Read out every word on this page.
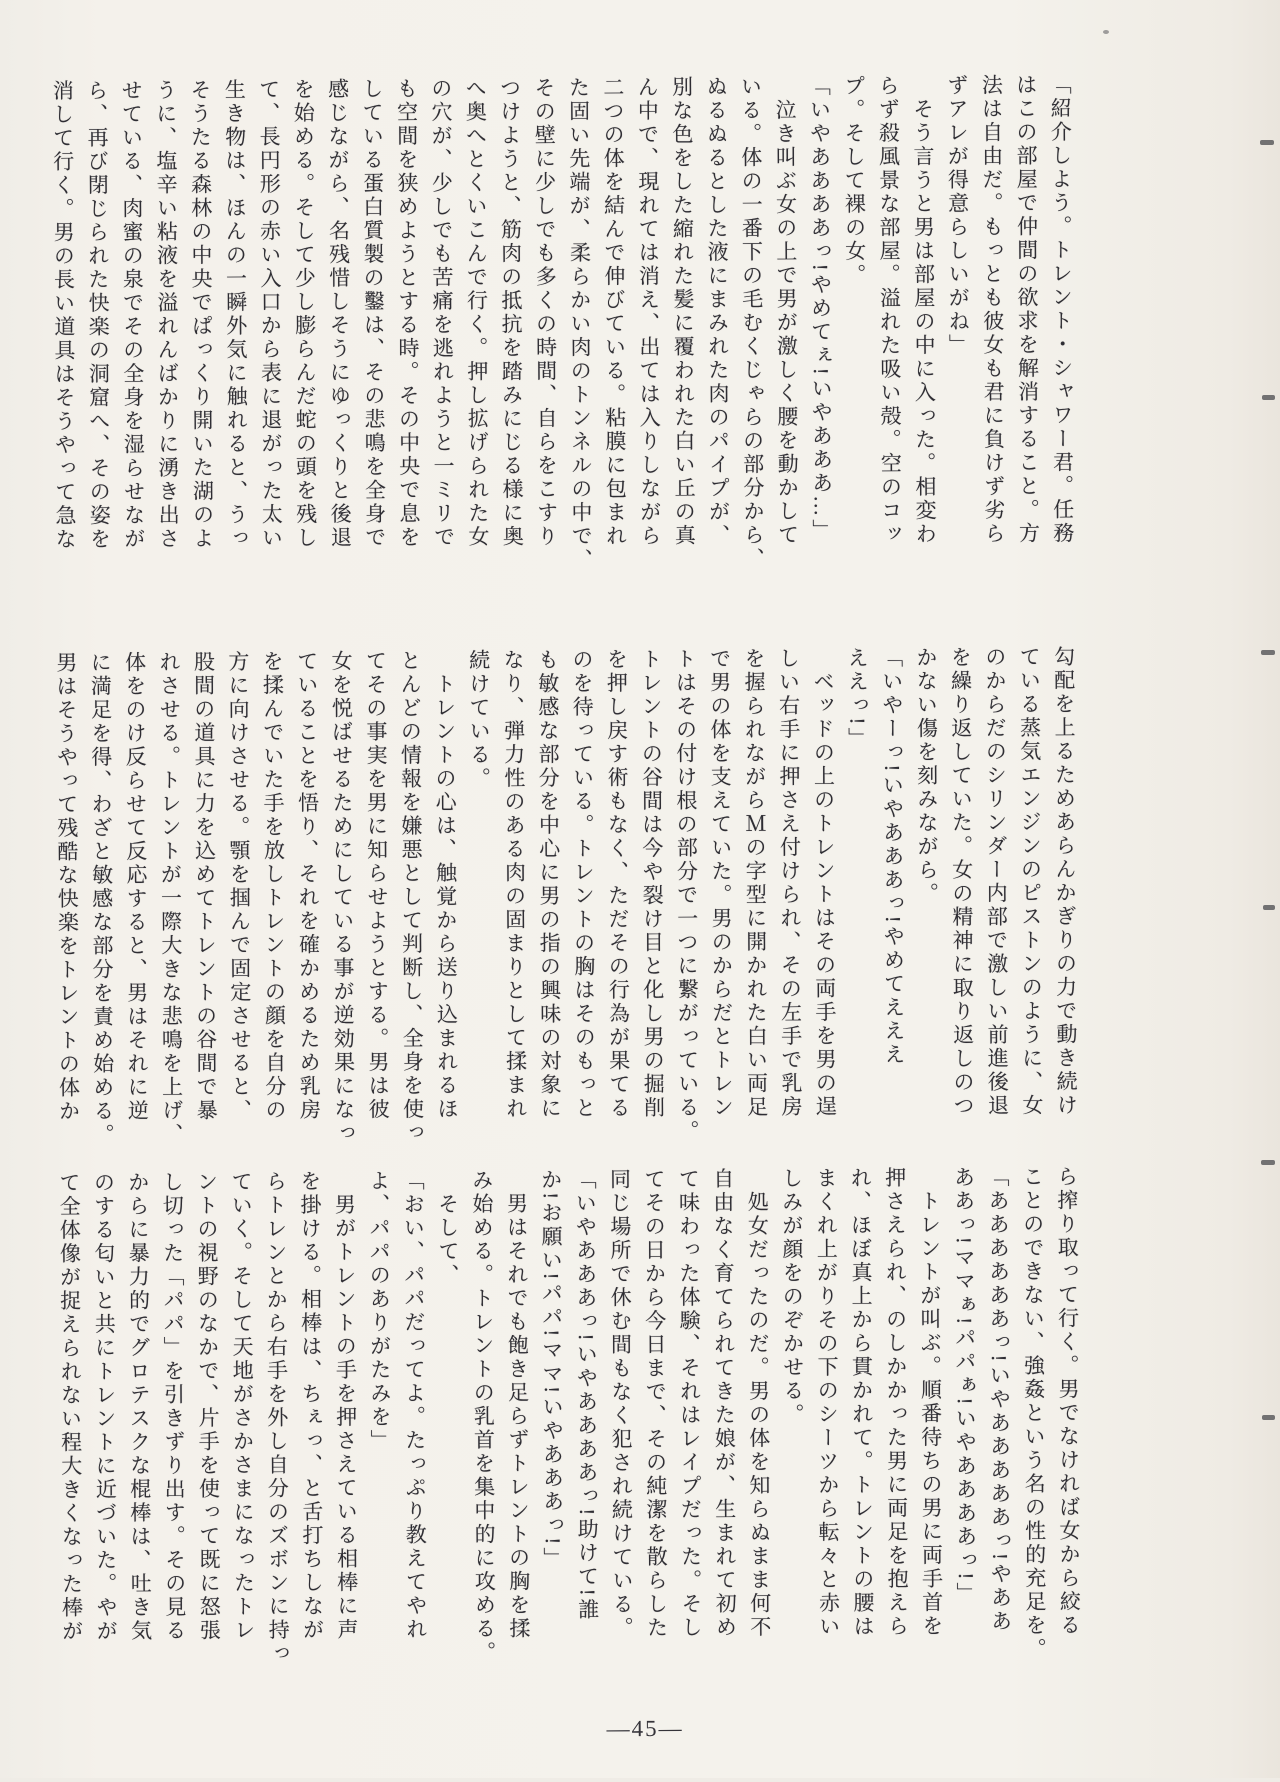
「紹介しよう。トレント・シャワー君。任務

はこの部屋で仲間の欲求を解消すること。方

法は自由だ。もっとも彼女も君に負けず劣ら

ずアレが得意らしいがね」

　そう言うと男は部屋の中に入った。相変わ

らず殺風景な部屋。溢れた吸い殻。空のコッ

プ。そして裸の女。

「いやああああっ!やめてぇ!いやあああ…」

　泣き叫ぶ女の上で男が激しく腰を動かして

いる。体の一番下の毛むくじゃらの部分から、

ぬるぬるとした液にまみれた肉のパイプが、

別な色をした縮れた髪に覆われた白い丘の真

ん中で、現れては消え、出ては入りしながら

二つの体を結んで伸びている。粘膜に包まれ

た固い先端が、柔らかい肉のトンネルの中で、

その壁に少しでも多くの時間、自らをこすり

つけようと、筋肉の抵抗を踏みにじる様に奥

へ奥へとくいこんで行く。押し拡げられた女

の穴が、少しでも苦痛を逃れようと一ミリで

も空間を狭めようとする時。その中央で息を

している蛋白質製の鑿は、その悲鳴を全身で

感じながら、名残惜しそうにゆっくりと後退

を始める。そして少し膨らんだ蛇の頭を残し

て、長円形の赤い入口から表に退がった太い

生き物は、ほんの一瞬外気に触れると、うっ

そうたる森林の中央でぱっくり開いた湖のよ

うに、塩辛い粘液を溢れんばかりに湧き出さ

せている、肉蜜の泉でその全身を湿らせなが

ら、再び閉じられた快楽の洞窟へ、その姿を

消して行く。男の長い道具はそうやって急な

勾配を上るためあらんかぎりの力で動き続け

ている蒸気エンジンのピストンのように、女

のからだのシリンダー内部で激しい前進後退

を繰り返していた。女の精神に取り返しのつ

かない傷を刻みながら。

「いやーっ!いやあああっ!やめてえええ

ええっ!」

　ベッドの上のトレントはその両手を男の逞

しい右手に押さえ付けられ、その左手で乳房

を握られながらＭの字型に開かれた白い両足

で男の体を支えていた。男のからだとトレン

トはその付け根の部分で一つに繋がっている。

トレントの谷間は今や裂け目と化し男の掘削

を押し戻す術もなく、ただその行為が果てる

のを待っている。トレントの胸はそのもっと

も敏感な部分を中心に男の指の興味の対象に

なり、弾力性のある肉の固まりとして揉まれ

続けている。

　トレントの心は、触覚から送り込まれるほ

とんどの情報を嫌悪として判断し、全身を使っ

てその事実を男に知らせようとする。男は彼

女を悦ばせるためにしている事が逆効果になっ

ていることを悟り、それを確かめるため乳房

を揉んでいた手を放しトレントの顔を自分の

方に向けさせる。顎を掴んで固定させると、

股間の道具に力を込めてトレントの谷間で暴

れさせる。トレントが一際大きな悲鳴を上げ、

体をのけ反らせて反応すると、男はそれに逆

に満足を得、わざと敏感な部分を責め始める。

男はそうやって残酷な快楽をトレントの体か

ら搾り取って行く。男でなければ女から絞る

ことのできない、強姦という名の性的充足を。

「ああああああっ!いやあああああっ!やああ

ああっ!ママぁ!パパぁ!いやああああっ!」

　トレントが叫ぶ。順番待ちの男に両手首を

押さえられ、のしかかった男に両足を抱えら

れ、ほぼ真上から貫かれて。トレントの腰は

まくれ上がりその下のシーツから転々と赤い

しみが顔をのぞかせる。

　処女だったのだ。男の体を知らぬまま何不

自由なく育てられてきた娘が、生まれて初め

て味わった体験、それはレイプだった。そし

てその日から今日まで、その純潔を散らした

同じ場所で休む間もなく犯され続けている。

「いやあああっ!いやああああっ!助けて!誰

か!お願い!パパ!ママ!いやあああっ!」

　男はそれでも飽き足らずトレントの胸を揉

み始める。トレントの乳首を集中的に攻める。

　そして、

「おい、パパだってよ。たっぷり教えてやれ

よ、パパのありがたみを」

　男がトレントの手を押さえている相棒に声

を掛ける。相棒は、ちぇっ、と舌打ちしなが

らトレンとから右手を外し自分のズボンに持っ

ていく。そして天地がさかさまになったトレ

ントの視野のなかで、片手を使って既に怒張

し切った「パパ」を引きずり出す。その見る

からに暴力的でグロテスクな棍棒は、吐き気

のする匂いと共にトレントに近づいた。やが

て全体像が捉えられない程大きくなった棒が

―45―
